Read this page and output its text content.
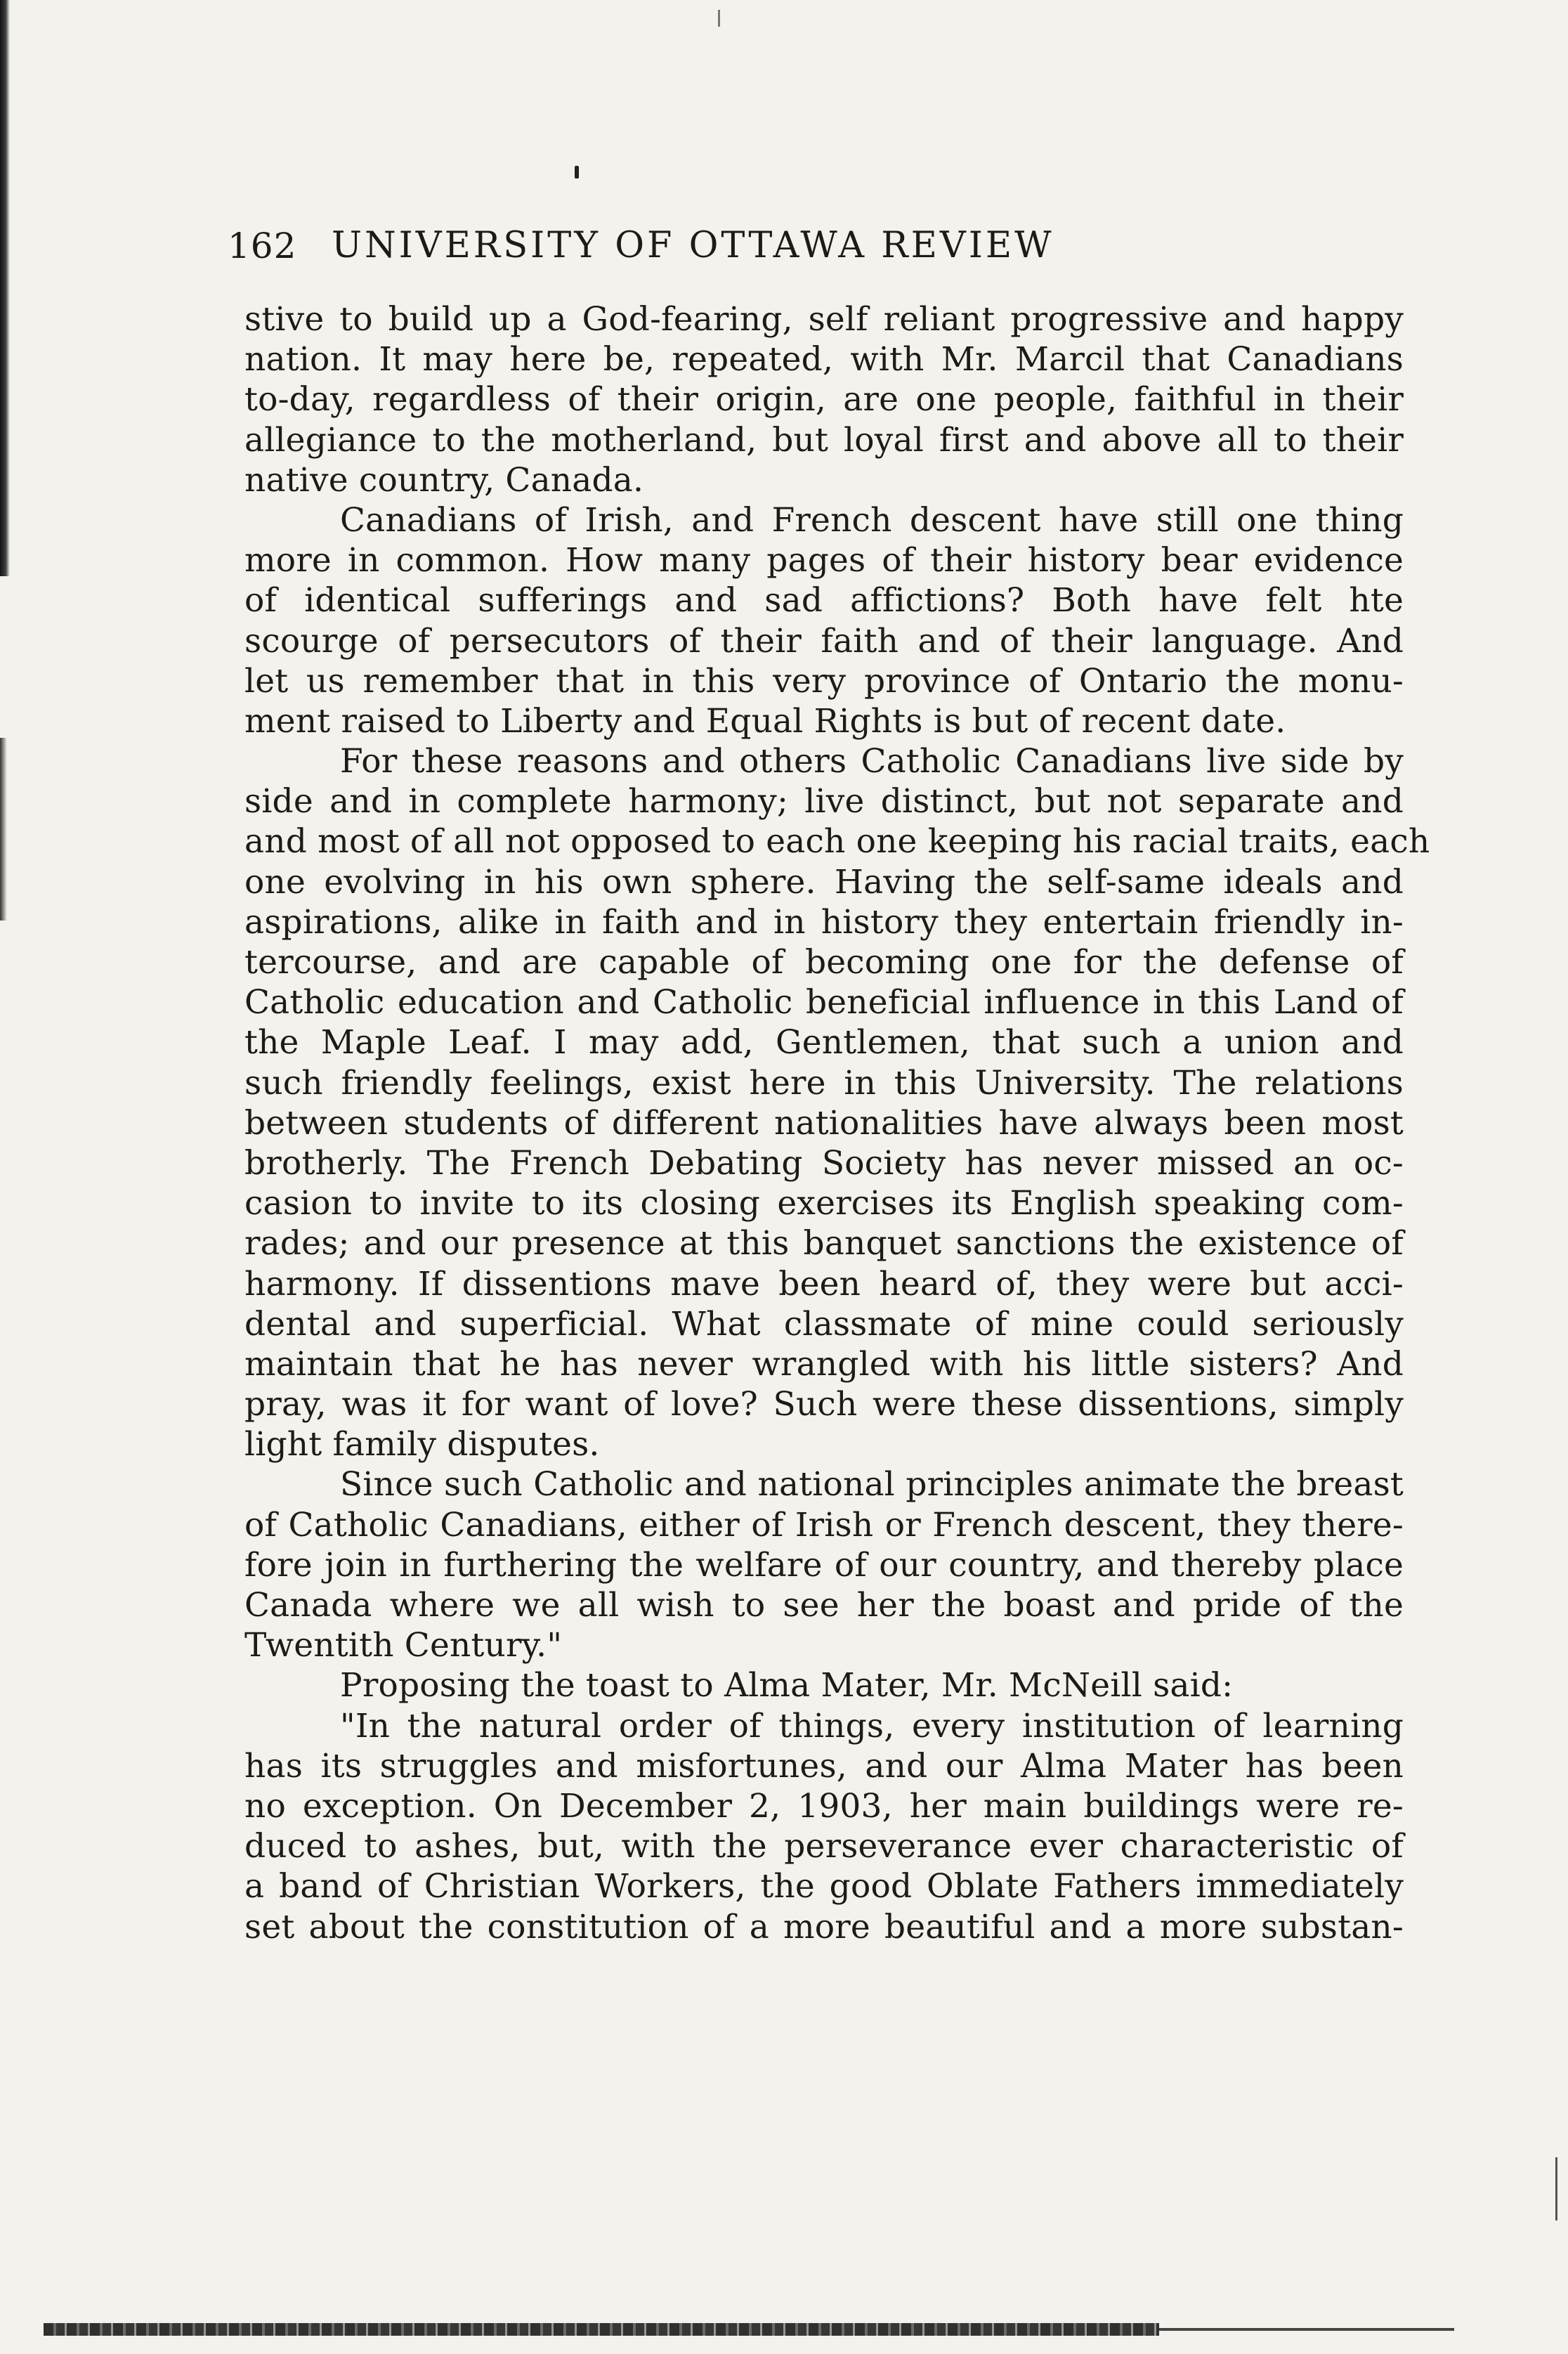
162 UNIVERSITY OF OTTAWA REVIEW
stive to build up a God-fearing, self reliant progressive and happy
nation. It may here be, repeated, with Mr. Marcil that Canadians
to-day, regardless of their origin, are one people, faithful in their
allegiance to the motherland, but loyal first and above all to their
native country, Canada.
Canadians of Irish, and French descent have still one thing
more in common. How many pages of their history bear evidence
of identical sufferings and sad affictions? Both have felt hte
scourge of persecutors of their faith and of their language. And
let us remember that in this very province of Ontario the monu-
ment raised to Liberty and Equal Rights is but of recent date.
For these reasons and others Catholic Canadians live side by
side and in complete harmony; live distinct, but not separate and
and most of all not opposed to each one keeping his racial traits, each
one evolving in his own sphere. Having the self-same ideals and
aspirations, alike in faith and in history they entertain friendly in-
tercourse, and are capable of becoming one for the defense of
Catholic education and Catholic beneficial influence in this Land of
the Maple Leaf. I may add, Gentlemen, that such a union and
such friendly feelings, exist here in this University. The relations
between students of different nationalities have always been most
brotherly. The French Debating Society has never missed an oc-
casion to invite to its closing exercises its English speaking com-
rades; and our presence at this banquet sanctions the existence of
harmony. If dissentions mave been heard of, they were but acci-
dental and superficial. What classmate of mine could seriously
maintain that he has never wrangled with his little sisters? And
pray, was it for want of love? Such were these dissentions, simply
light family disputes.
Since such Catholic and national principles animate the breast
of Catholic Canadians, either of Irish or French descent, they there-
fore join in furthering the welfare of our country, and thereby place
Canada where we all wish to see her the boast and pride of the
Twentith Century."
Proposing the toast to Alma Mater, Mr. McNeill said:
"In the natural order of things, every institution of learning
has its struggles and misfortunes, and our Alma Mater has been
no exception. On December 2, 1903, her main buildings were re-
duced to ashes, but, with the perseverance ever characteristic of
a band of Christian Workers, the good Oblate Fathers immediately
set about the constitution of a more beautiful and a more substan-
